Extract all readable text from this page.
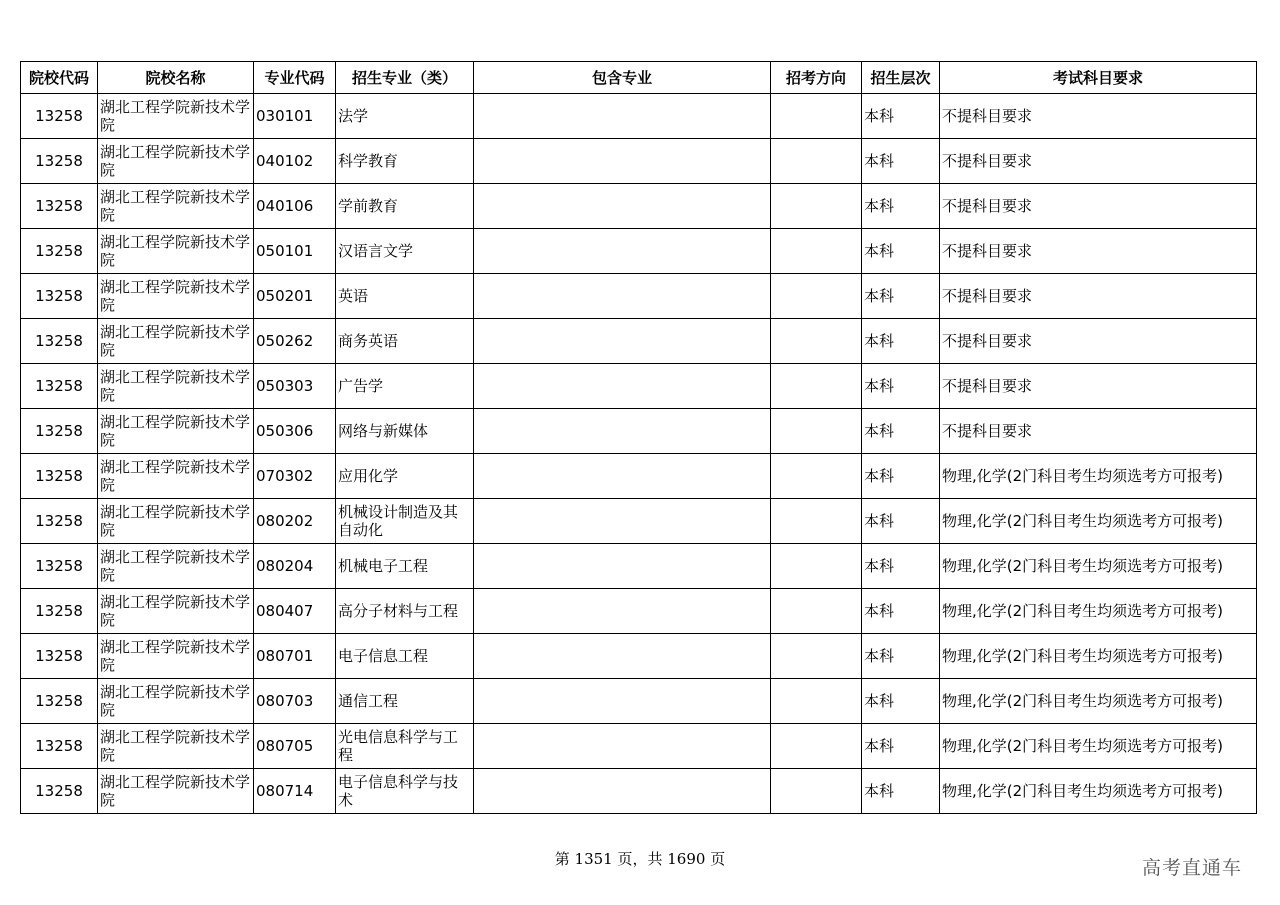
院校代码	院校名称	专业代码	招生专业（类）	包含专业	招考方向	招生层次	考试科目要求
13258	湖北工程学院新技术学院	030101	法学			本科	不提科目要求
13258	湖北工程学院新技术学院	040102	科学教育			本科	不提科目要求
13258	湖北工程学院新技术学院	040106	学前教育			本科	不提科目要求
13258	湖北工程学院新技术学院	050101	汉语言文学			本科	不提科目要求
13258	湖北工程学院新技术学院	050201	英语			本科	不提科目要求
13258	湖北工程学院新技术学院	050262	商务英语			本科	不提科目要求
13258	湖北工程学院新技术学院	050303	广告学			本科	不提科目要求
13258	湖北工程学院新技术学院	050306	网络与新媒体			本科	不提科目要求
13258	湖北工程学院新技术学院	070302	应用化学			本科	物理,化学(2门科目考生均须选考方可报考)
13258	湖北工程学院新技术学院	080202	机械设计制造及其自动化			本科	物理,化学(2门科目考生均须选考方可报考)
13258	湖北工程学院新技术学院	080204	机械电子工程			本科	物理,化学(2门科目考生均须选考方可报考)
13258	湖北工程学院新技术学院	080407	高分子材料与工程			本科	物理,化学(2门科目考生均须选考方可报考)
13258	湖北工程学院新技术学院	080701	电子信息工程			本科	物理,化学(2门科目考生均须选考方可报考)
13258	湖北工程学院新技术学院	080703	通信工程			本科	物理,化学(2门科目考生均须选考方可报考)
13258	湖北工程学院新技术学院	080705	光电信息科学与工程			本科	物理,化学(2门科目考生均须选考方可报考)
13258	湖北工程学院新技术学院	080714	电子信息科学与技术			本科	物理,化学(2门科目考生均须选考方可报考)
第 1351 页，共 1690 页	高考直通车
